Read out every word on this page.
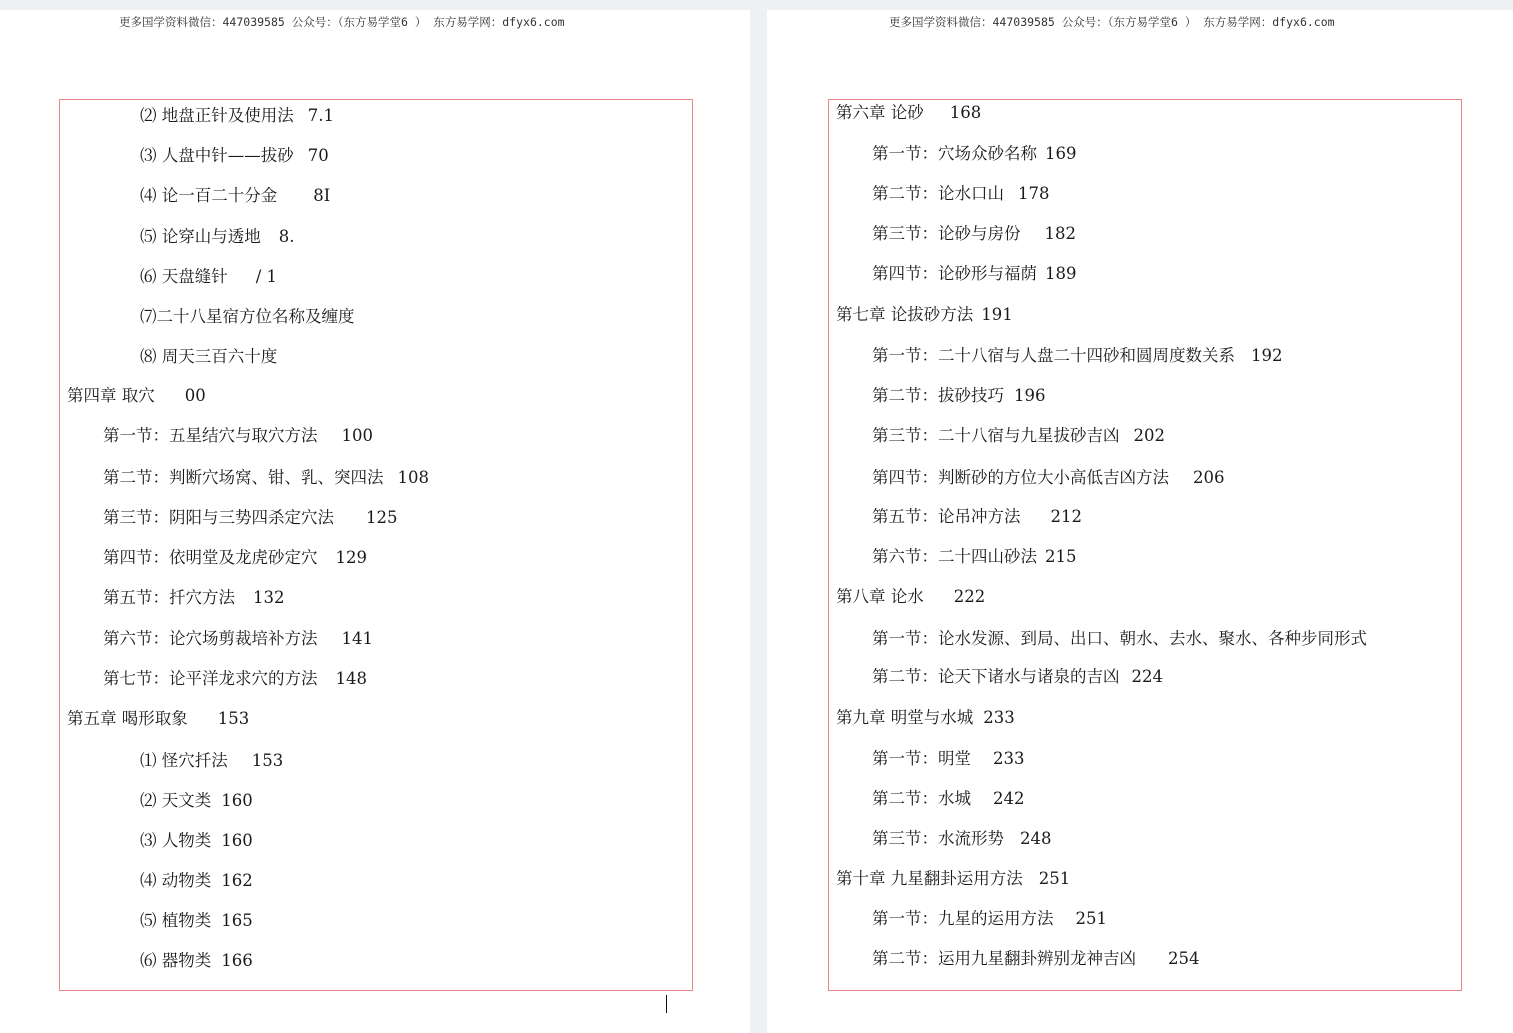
更多国学资料微信：447039585 公众号：（东方易学堂6 ） 东方易学网：dfyx6.com
⑵ 地盘正针及使用法 7.1
⑶ 人盘中针——拔砂 70
⑷ 论一百二十分金 8I
⑸ 论穿山与透地 8.
⑹ 天盘缝针 / 1
⑺二十八星宿方位名称及缠度
⑻ 周天三百六十度
第四章 取穴 00
第一节：五星结穴与取穴方法 100
第二节：判断穴场窝、钳、乳、突四法 108
第三节：阴阳与三势四杀定穴法 125
第四节：依明堂及龙虎砂定穴 129
第五节：扦穴方法 132
第六节：论穴场剪裁培补方法 141
第七节：论平洋龙求穴的方法 148
第五章 喝形取象 153
⑴ 怪穴扦法 153
⑵ 天文类 160
⑶ 人物类 160
⑷ 动物类 162
⑸ 植物类 165
⑹ 器物类 166
更多国学资料微信：447039585 公众号：（东方易学堂6 ） 东方易学网：dfyx6.com
第六章 论砂 168
第一节：穴场众砂名称 169
第二节：论水口山 178
第三节：论砂与房份 182
第四节：论砂形与福荫 189
第七章 论拔砂方法 191
第一节：二十八宿与人盘二十四砂和圆周度数关系 192
第二节：拔砂技巧 196
第三节：二十八宿与九星拔砂吉凶 202
第四节：判断砂的方位大小高低吉凶方法 206
第五节：论吊冲方法 212
第六节：二十四山砂法 215
第八章 论水 222
第一节：论水发源、到局、出口、朝水、去水、聚水、各种步同形式
第二节：论天下诸水与诸泉的吉凶 224
第九章 明堂与水城 233
第一节：明堂 233
第二节：水城 242
第三节：水流形势 248
第十章 九星翻卦运用方法 251
第一节：九星的运用方法 251
第二节：运用九星翻卦辨别龙神吉凶 254
